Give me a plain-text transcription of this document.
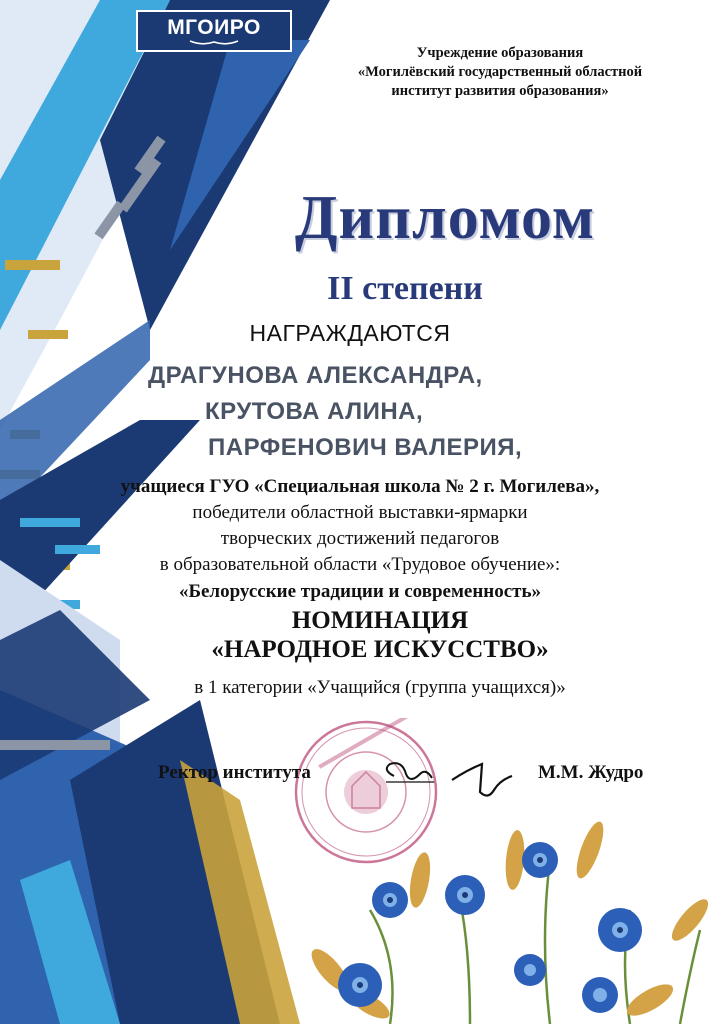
МГОИРО
Учреждение образования
«Могилёвский государственный областной
институт развития образования»
Дипломом
II степени
НАГРАЖДАЮТСЯ
ДРАГУНОВА АЛЕКСАНДРА,
КРУТОВА АЛИНА,
ПАРФЕНОВИЧ ВАЛЕРИЯ,
учащиеся ГУО «Специальная школа № 2 г. Могилева»,
победители областной выставки-ярмарки
творческих достижений педагогов
в образовательной области «Трудовое обучение»:
«Белорусские традиции и современность»
НОМИНАЦИЯ
«НАРОДНОЕ ИСКУССТВО»
в 1 категории «Учащийся (группа учащихся)»
Ректор института	М.М. Жудро
